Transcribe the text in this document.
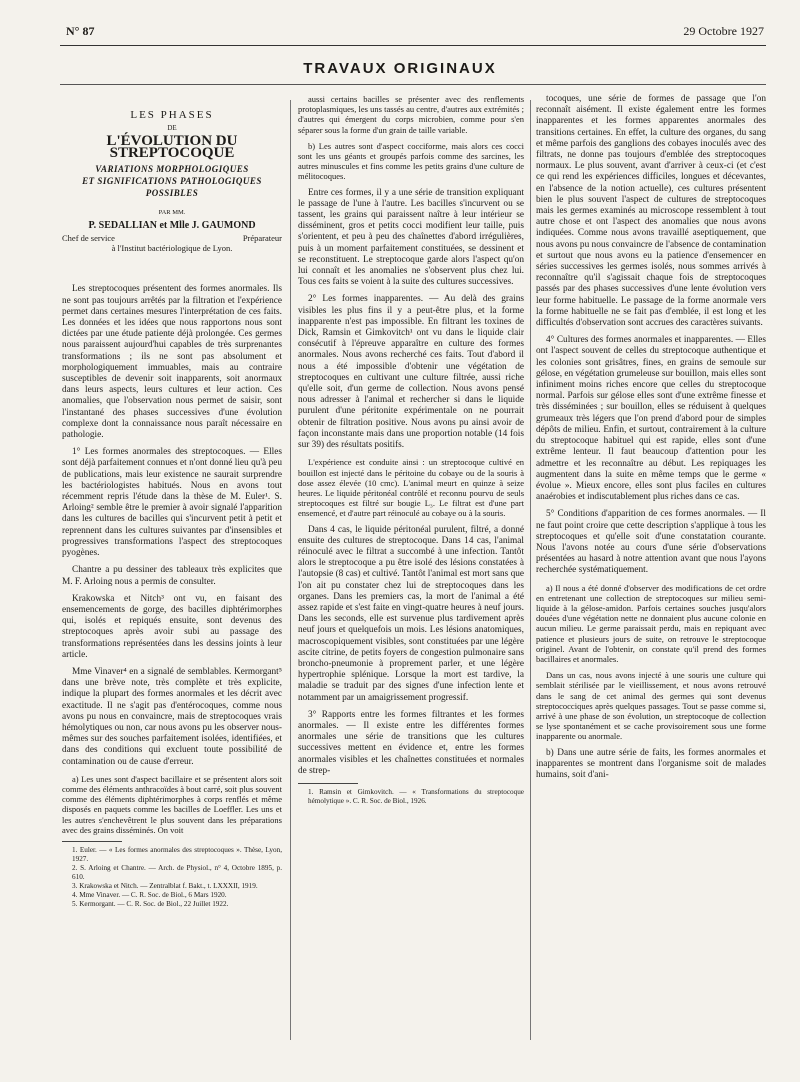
N° 87	29 Octobre 1927
TRAVAUX ORIGINAUX
LES PHASES
DE
L'ÉVOLUTION DU STREPTOCOQUE
VARIATIONS MORPHOLOGIQUES
ET SIGNIFICATIONS PATHOLOGIQUES POSSIBLES
PAR MM.
P. SEDALLIAN et Mlle J. GAUMOND
Chef de service	Préparateur
à l'Institut bactériologique de Lyon.

Les streptocoques présentent des formes anormales. Ils ne sont pas toujours arrêtés par la filtration et l'expérience permet dans certaines mesures l'interprétation de ces faits. Les données et les idées que nous rapportons nous sont dictées par une étude patiente déjà prolongée. Ces germes nous paraissent aujourd'hui capables de très surprenantes transformations ; ils ne sont pas absolument et morphologiquement immuables, mais au contraire susceptibles de devenir soit inapparents, soit anormaux dans leurs aspects, leurs cultures et leur action. Ces anomalies, que l'observation nous permet de saisir, sont l'instantané des phases successives d'une évolution complexe dont la connaissance nous paraît nécessaire en pathologie.

1° Les formes anormales des streptocoques. — Elles sont déjà parfaitement connues et n'ont donné lieu qu'à peu de publications, mais leur existence ne saurait surprendre les bactériologistes habitués. Nous en avons tout récemment repris l'étude dans la thèse de M. Euler¹. S. Arloing² semble être le premier à avoir signalé l'apparition dans les cultures de bacilles qui s'incurvent petit à petit et reprennent dans les cultures suivantes par d'insensibles et progressives transformations l'aspect des streptocoques pyogènes.

Chantre a pu dessiner des tableaux très explicites que M. F. Arloing nous a permis de consulter.

Krakowska et Nitch³ ont vu, en faisant des ensemencements de gorge, des bacilles diphtérimorphes qui, isolés et repiqués ensuite, sont devenus des streptocoques après avoir subi au passage des transformations représentées dans les dessins joints à leur article.

Mme Vinaver⁴ en a signalé de semblables. Kermorgant⁵ dans une brève note, très complète et très explicite, indique la plupart des formes anormales et les décrit avec exactitude. Il ne s'agit pas d'entérocoques, comme nous avons pu nous en convaincre, mais de streptocoques vrais hémolytiques ou non, car nous avons pu les observer nous-mêmes sur des souches parfaitement isolées, identifiées, et dans des conditions qui excluent toute possibilité de contamination ou de cause d'erreur.

a) Les unes sont d'aspect bacillaire et se présentent alors soit comme des éléments anthracoïdes à bout carré, soit plus souvent comme des éléments diphtérimorphes à corps renflés et même disposés en paquets comme les bacilles de Loeffler. Les uns et les autres s'enchevêtrent le plus souvent dans les préparations avec des grains disséminés. On voit

1. Euler. — « Les formes anormales des streptocoques ». Thèse, Lyon, 1927.

2. S. Arloing et Chantre. — Arch. de Physiol., n° 4, Octobre 1895, p. 610.

3. Krakowska et Nitch. — Zentralblat f. Bakt., t. LXXXII, 1919.

4. Mme Vinaver. — C. R. Soc. de Biol., 6 Mars 1920.

5. Kermorgant. — C. R. Soc. de Biol., 22 Juillet 1922.

aussi certains bacilles se présenter avec des renflements protoplasmiques, les uns tassés au centre, d'autres aux extrémités ; d'autres qui émergent du corps microbien, comme pour s'en séparer sous la forme d'un grain de taille variable.

b) Les autres sont d'aspect cocciforme, mais alors ces cocci sont les uns géants et groupés parfois comme des sarcines, les autres minuscules et fins comme les petits grains d'une culture de mélitocoques.

Entre ces formes, il y a une série de transition expliquant le passage de l'une à l'autre. Les bacilles s'incurvent ou se tassent, les grains qui paraissent naître à leur intérieur se disséminent, gros et petits cocci modifient leur taille, puis s'orientent, et peu à peu des chaînettes d'abord irrégulières, puis à un moment parfaitement constituées, se dessinent et se reconstituent. Le streptocoque garde alors l'aspect qu'on lui connaît et les anomalies ne s'observent plus chez lui. Tous ces faits se voient à la suite des cultures successives.

2° Les formes inapparentes. — Au delà des grains visibles les plus fins il y a peut-être plus, et la forme inapparente n'est pas impossible. En filtrant les toxines de Dick, Ramsin et Gimkovitch¹ ont vu dans le liquide clair consécutif à l'épreuve apparaître en culture des formes anormales. Nous avons recherché ces faits. Tout d'abord il nous a été impossible d'obtenir une végétation de streptocoques en cultivant une culture filtrée, aussi riche qu'elle soit, d'un germe de collection. Nous avons pensé nous adresser à l'animal et rechercher si dans le liquide purulent d'une péritonite expérimentale on ne pourrait obtenir de filtration positive. Nous avons pu ainsi avoir de façon inconstante mais dans une proportion notable (14 fois sur 39) des résultats positifs.

L'expérience est conduite ainsi : un streptocoque cultivé en bouillon est injecté dans le péritoine du cobaye ou de la souris à dose assez élevée (10 cmc). L'animal meurt en quinze à seize heures. Le liquide péritonéal contrôlé et reconnu pourvu de seuls streptocoques est filtré sur bougie L₃. Le filtrat est d'une part ensemencé, et d'autre part réinoculé au cobaye ou à la souris.

Dans 4 cas, le liquide péritonéal purulent, filtré, a donné ensuite des cultures de streptocoque. Dans 14 cas, l'animal réinoculé avec le filtrat a succombé à une infection. Tantôt alors le streptocoque a pu être isolé des lésions constatées à l'autopsie (8 cas) et cultivé. Tantôt l'animal est mort sans que l'on ait pu constater chez lui de streptocoques dans les organes. Dans les premiers cas, la mort de l'animal a été assez rapide et s'est faite en vingt-quatre heures à neuf jours. Dans les seconds, elle est survenue plus tardivement après neuf jours et quelquefois un mois. Les lésions anatomiques, macroscopiquement visibles, sont constituées par une légère ascite citrine, de petits foyers de congestion pulmonaire sans broncho-pneumonie à proprement parler, et une légère hypertrophie splénique. Lorsque la mort est tardive, la maladie se traduit par des signes d'une infection lente et notamment par un amaigrissement progressif.

3° Rapports entre les formes filtrantes et les formes anormales. — Il existe entre les différentes formes anormales une série de transitions que les cultures successives mettent en évidence et, entre les formes anormales visibles et les chaînettes constituées et normales de strep-

1. Ramsin et Gimkovitch. — « Transformations du streptocoque hémolytique ». C. R. Soc. de Biol., 1926.

tocoques, une série de formes de passage que l'on reconnaît aisément. Il existe également entre les formes inapparentes et les formes apparentes anormales des transitions certaines. En effet, la culture des organes, du sang et même parfois des ganglions des cobayes inoculés avec des filtrats, ne donne pas toujours d'emblée des streptocoques normaux. Le plus souvent, avant d'arriver à ceux-ci (et c'est ce qui rend les expériences difficiles, longues et décevantes, en l'absence de la notion actuelle), ces cultures présentent bien le plus souvent l'aspect de cultures de streptocoques mais les germes examinés au microscope ressemblent à tout autre chose et ont l'aspect des anomalies que nous avons indiquées. Comme nous avons travaillé aseptiquement, que nous avons pu nous convaincre de l'absence de contamination et surtout que nous avons eu la patience d'ensemencer en séries successives les germes isolés, nous sommes arrivés à reconnaître qu'il s'agissait chaque fois de streptocoques passés par des phases successives d'une lente évolution vers leur forme habituelle. Le passage de la forme anormale vers la forme habituelle ne se fait pas d'emblée, il est long et les difficultés d'observation sont accrues des caractères suivants.

4° Cultures des formes anormales et inapparentes. — Elles ont l'aspect souvent de celles du streptocoque authentique et les colonies sont grisâtres, fines, en grains de semoule sur gélose, en végétation grumeleuse sur bouillon, mais elles sont infiniment moins riches encore que celles du streptocoque normal. Parfois sur gélose elles sont d'une extrême finesse et très disséminées ; sur bouillon, elles se réduisent à quelques grumeaux très légers que l'on prend d'abord pour de simples dépôts de milieu. Enfin, et surtout, contrairement à la culture du streptocoque habituel qui est rapide, elles sont d'une extrême lenteur. Il faut beaucoup d'attention pour les admettre et les reconnaître au début. Les repiquages les augmentent dans la suite en même temps que le germe « évolue ». Mieux encore, elles sont plus faciles en cultures anaérobies et indiscutablement plus riches dans ce cas.

5° Conditions d'apparition de ces formes anormales. — Il ne faut point croire que cette description s'applique à tous les streptocoques et qu'elle soit d'une constatation courante. Nous l'avons notée au cours d'une série d'observations présentées au hasard à notre attention avant que nous l'ayons recherchée systématiquement.

a) Il nous a été donné d'observer des modifications de cet ordre en entretenant une collection de streptocoques sur milieu semi-liquide à la gélose-amidon. Parfois certaines souches jusqu'alors douées d'une végétation nette ne donnaient plus aucune colonie en aucun milieu. Le germe paraissait perdu, mais en repiquant avec patience et plusieurs jours de suite, on retrouve le streptocoque originel. Avant de l'obtenir, on constate qu'il prend des formes bacillaires et anormales.

Dans un cas, nous avons injecté à une souris une culture qui semblait stérilisée par le vieillissement, et nous avons retrouvé dans le sang de cet animal des germes qui sont devenus streptococciques après quelques passages. Tout se passe comme si, arrivé à une phase de son évolution, un streptocoque de collection se lyse spontanément et se cache provisoirement sous une forme inapparente ou anormale.

b) Dans une autre série de faits, les formes anormales et inapparentes se montrent dans l'organisme soit de malades humains, soit d'ani-
